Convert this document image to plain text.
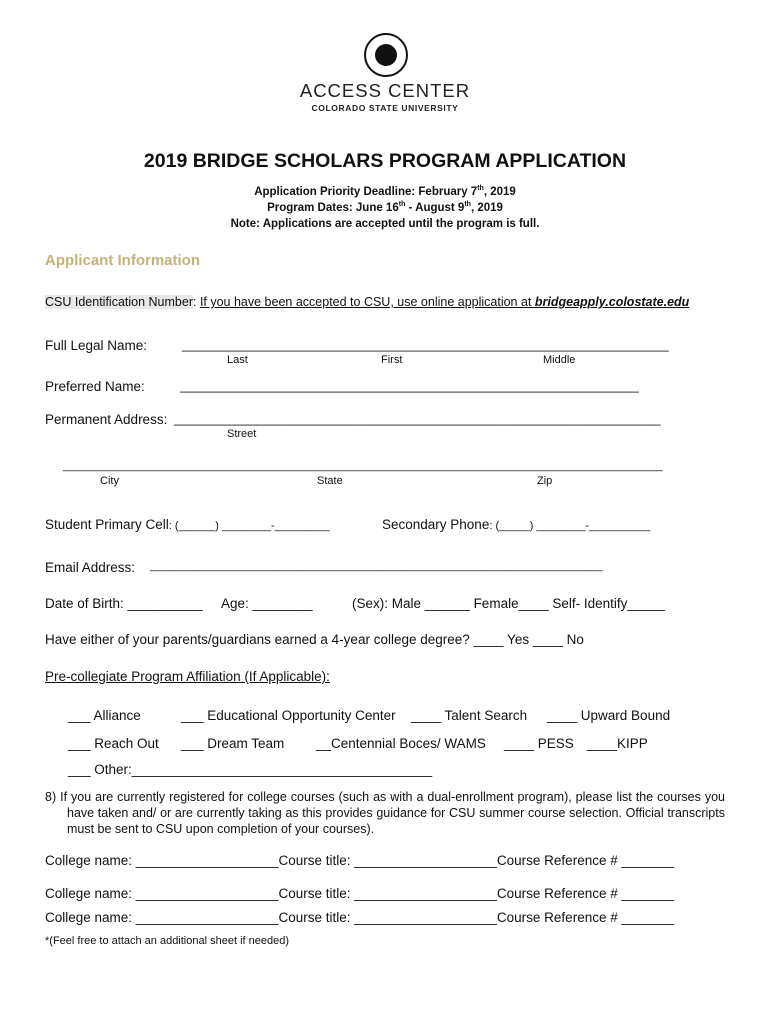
ACCESS CENTER
COLORADO STATE UNIVERSITY
2019 BRIDGE SCHOLARS PROGRAM APPLICATION
Application Priority Deadline: February 7th, 2019
Program Dates: June 16th - August 9th, 2019
Note: Applications are accepted until the program is full.
Applicant Information
CSU Identification Number: If you have been accepted to CSU, use online application at bridgeapply.colostate.edu
Full Legal Name:	______________________________________________________________________
Last	First	Middle
Preferred Name:	__________________________________________________________________
Permanent Address: ______________________________________________________________________
Street
__________________________________________________________________________________________________
City	State	Zip
Student Primary Cell: (______) ________-_________	Secondary Phone: (_____) ________-__________
Email Address: __________________________________________________________________________
Date of Birth: __________ Age: ________	(Sex): Male ______ Female____ Self- Identify_____
Have either of your parents/guardians earned a 4-year college degree? ____ Yes ____ No
Pre-collegiate Program Affiliation (If Applicable):
___ Alliance	___ Educational Opportunity Center ____ Talent Search ____ Upward Bound
___ Reach Out ___ Dream Team __Centennial Boces/ WAMS ____ PESS ____KIPP
___ Other:________________________________________
8) If you are currently registered for college courses (such as with a dual-enrollment program), please list the courses you have taken and/ or are currently taking as this provides guidance for CSU summer course selection. Official transcripts must be sent to CSU upon completion of your courses).
College name: ___________________Course title: ___________________Course Reference # _______
College name: ___________________Course title: ___________________Course Reference # _______
College name: ___________________Course title: ___________________Course Reference # _______
*(Feel free to attach an additional sheet if needed)
